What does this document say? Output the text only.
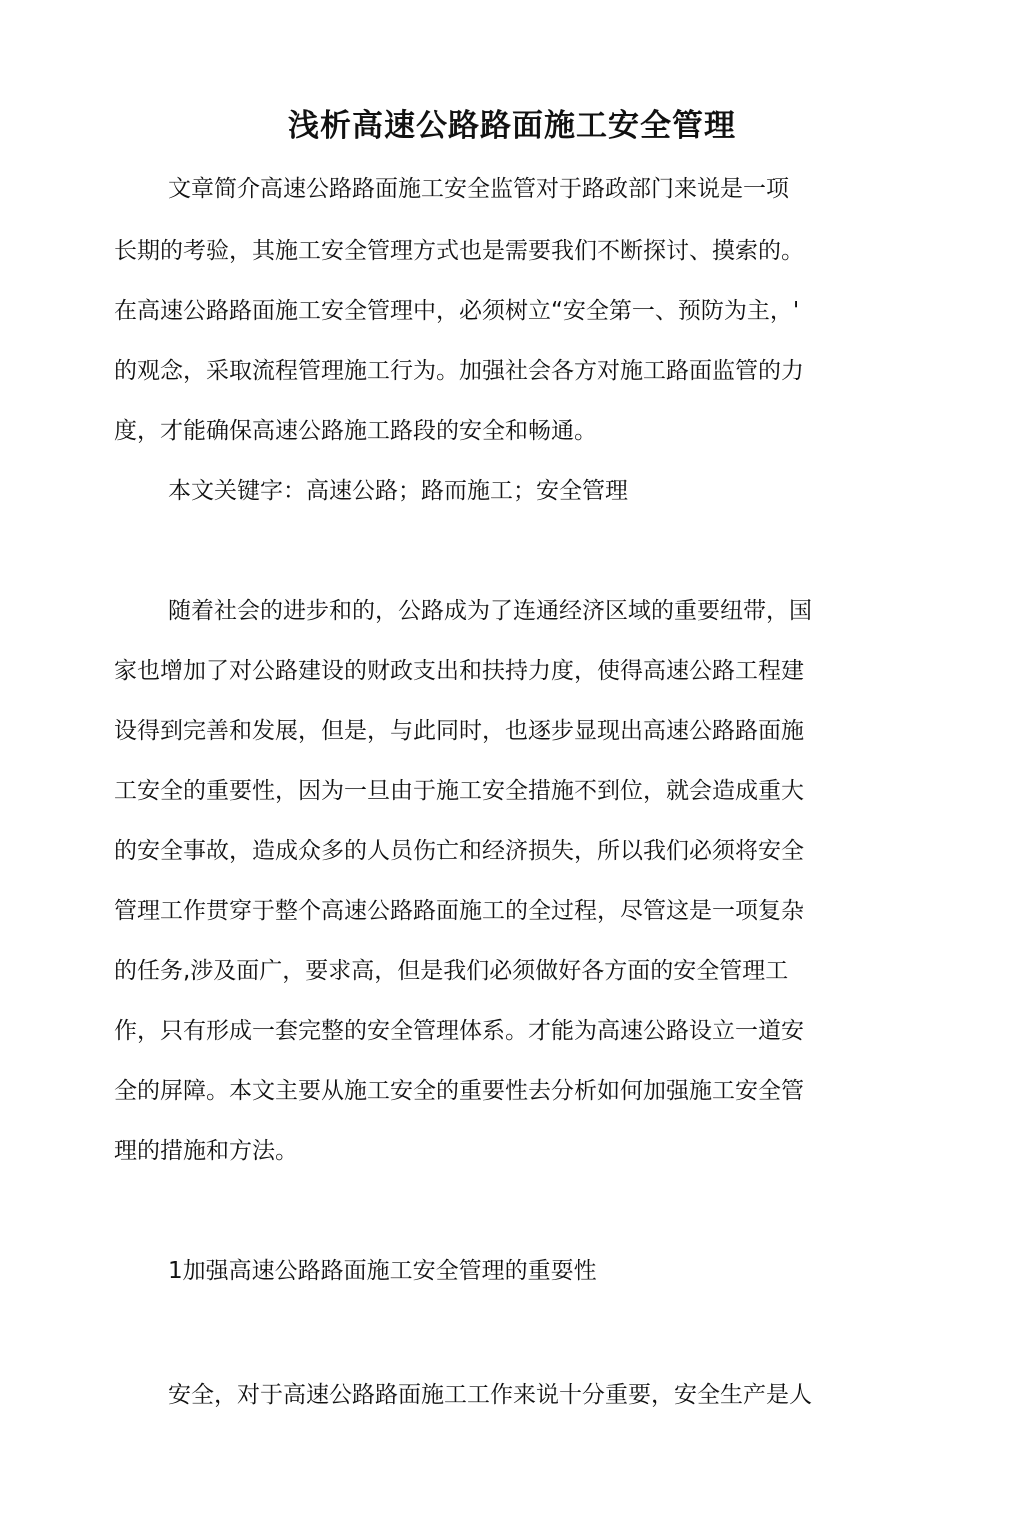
浅析高速公路路面施工安全管理
文章简介高速公路路面施工安全监管对于路政部门来说是一项
长期的考验，其施工安全管理方式也是需要我们不断探讨、摸索的。
在高速公路路面施工安全管理中，必须树立“安全第一、预防为主，'
的观念，采取流程管理施工行为。加强社会各方对施工路面监管的力
度，才能确保高速公路施工路段的安全和畅通。
本文关键字：高速公路；路而施工；安全管理
随着社会的进步和的，公路成为了连通经济区域的重要纽带，国
家也增加了对公路建设的财政支出和扶持力度，使得高速公路工程建
设得到完善和发展，但是，与此同时，也逐步显现出高速公路路面施
工安全的重要性，因为一旦由于施工安全措施不到位，就会造成重大
的安全事故，造成众多的人员伤亡和经济损失，所以我们必须将安全
管理工作贯穿于整个高速公路路面施工的全过程，尽管这是一项复杂
的任务,涉及面广，要求高，但是我们必须做好各方面的安全管理工
作，只有形成一套完整的安全管理体系。才能为高速公路设立一道安
全的屏障。本文主要从施工安全的重要性去分析如何加强施工安全管
理的措施和方法。
1加强高速公路路面施工安全管理的重耍性
安全，对于高速公路路面施工工作来说十分重要，安全生产是人
